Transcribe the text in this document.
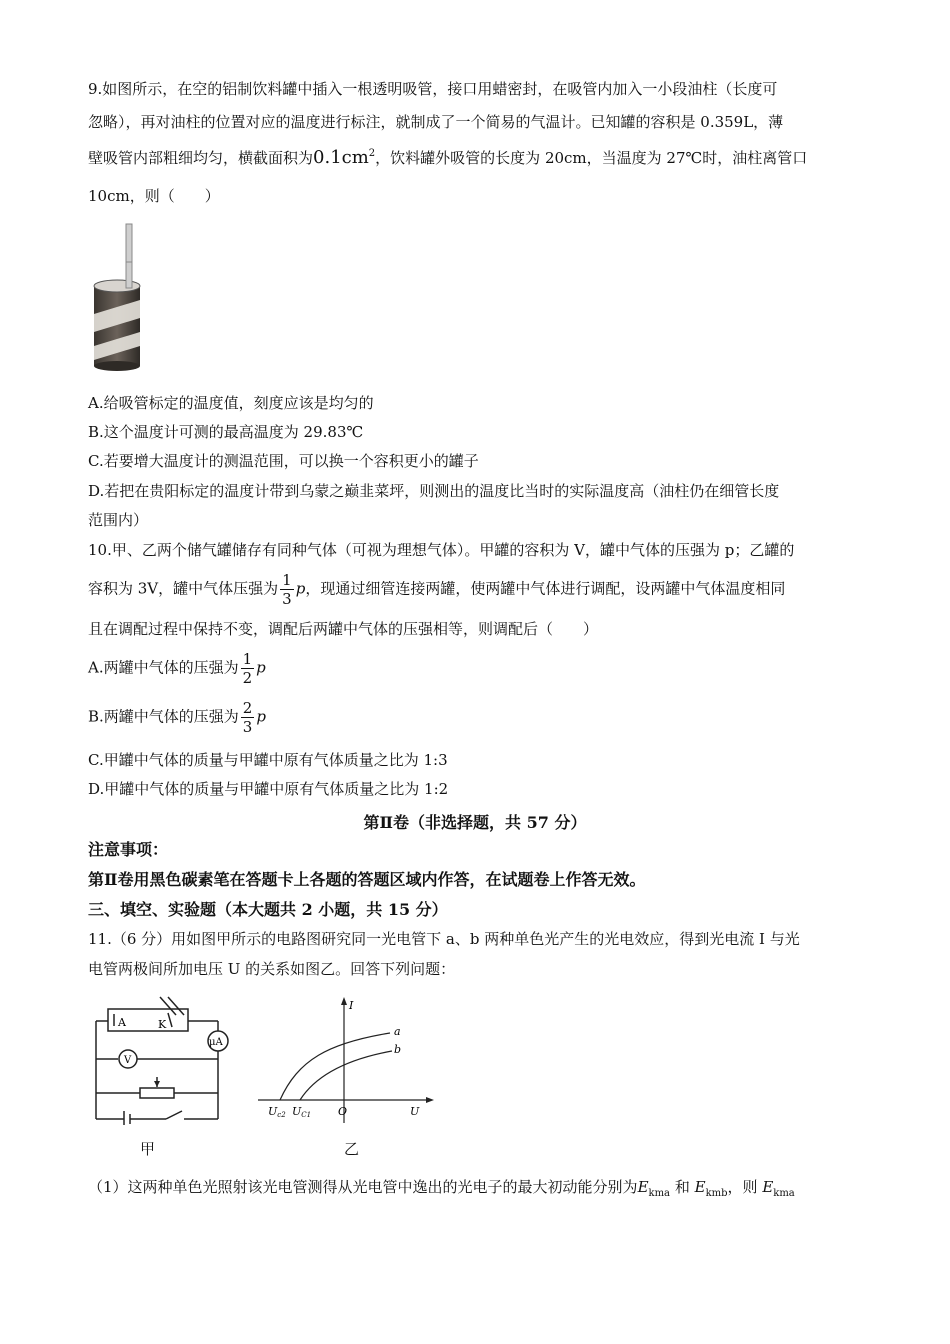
9.如图所示，在空的铝制饮料罐中插入一根透明吸管，接口用蜡密封，在吸管内加入一小段油柱（长度可
忽略），再对油柱的位置对应的温度进行标注，就制成了一个简易的气温计。已知罐的容积是 0.359L，薄
壁吸管内部粗细均匀，横截面积为$0.1cm^2$，饮料罐外吸管的长度为 20cm，当温度为 27℃时，油柱离管口
10cm，则（　　）
A.给吸管标定的温度值，刻度应该是均匀的
B.这个温度计可测的最高温度为 29.83℃
C.若要增大温度计的测温范围，可以换一个容积更小的罐子
D.若把在贵阳标定的温度计带到乌蒙之巅韭菜坪，则测出的温度比当时的实际温度高（油柱仍在细管长度
范围内）
10.甲、乙两个储气罐储存有同种气体（可视为理想气体）。甲罐的容积为 V，罐中气体的压强为 p；乙罐的
容积为 3V，罐中气体压强为 $\frac{1}{3}$ p，现通过细管连接两罐，使两罐中气体进行调配，设两罐中气体温度相同
且在调配过程中保持不变，调配后两罐中气体的压强相等，则调配后（　　）
A.两罐中气体的压强为 $\frac{1}{2}$ p
B.两罐中气体的压强为 $\frac{2}{3}$ p
C.甲罐中气体的质量与甲罐中原有气体质量之比为 1:3
D.甲罐中气体的质量与甲罐中原有气体质量之比为 1:2
第Ⅱ卷（非选择题，共 57 分）
注意事项：
第Ⅱ卷用黑色碳素笔在答题卡上各题的答题区域内作答，在试题卷上作答无效。
三、填空、实验题（本大题共 2 小题，共 15 分）
11.（6 分）用如图甲所示的电路图研究同一光电管下 a、b 两种单色光产生的光电效应，得到光电流 I 与光
电管两极间所加电压 U 的关系如图乙。回答下列问题：
A	K
μA
V
甲
I
U
O
a
b
Uc2 UC1
乙
（1）这两种单色光照射该光电管测得从光电管中逸出的光电子的最大初动能分别为$E_{kma}$ 和 $E_{kmb}$，则 $E_{kma}$
